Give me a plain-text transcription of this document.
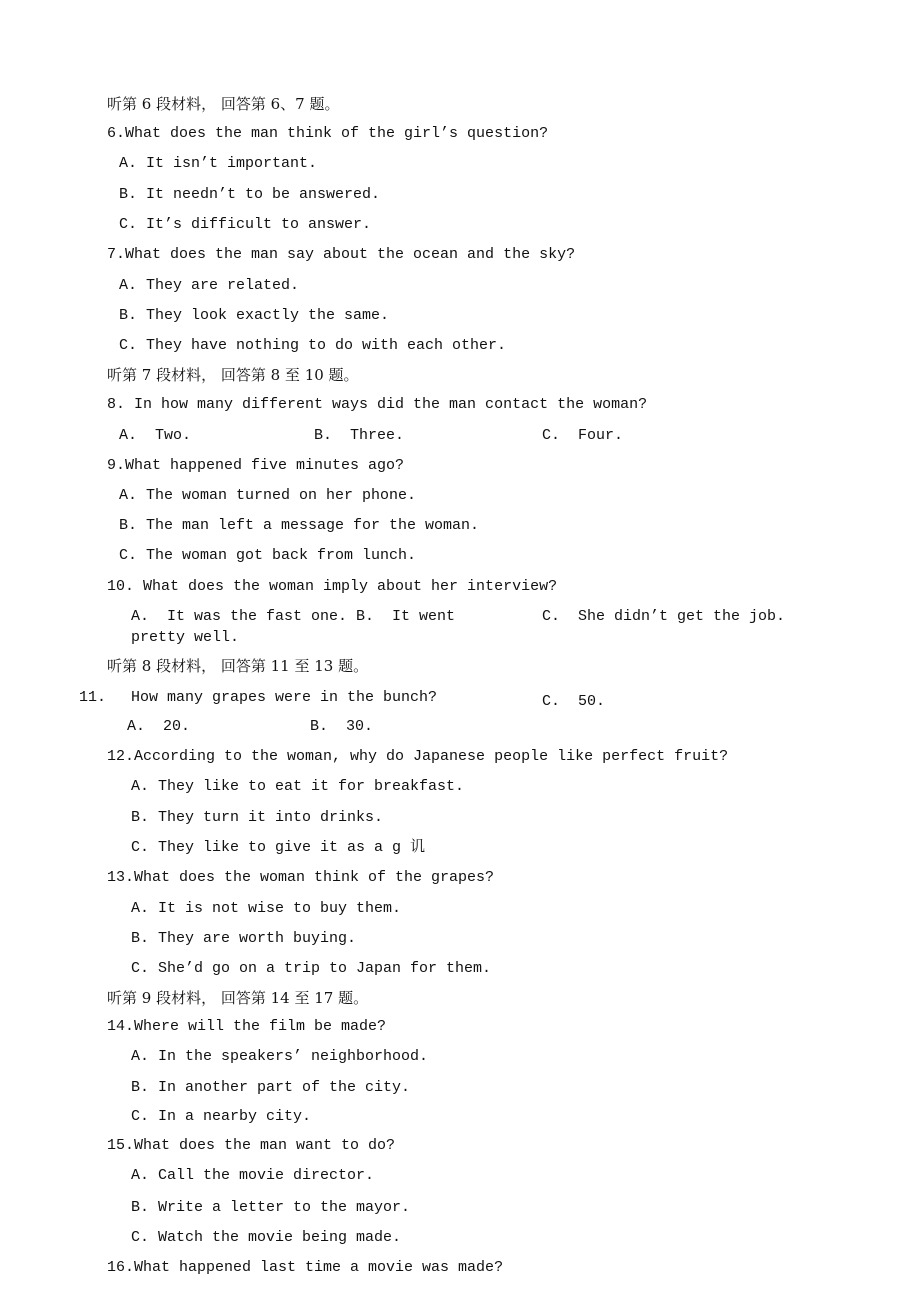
听第 6 段材料， 回答第 6、7 题。
6.What does the man think of the girl’s question?
A. It isn’t important.
B. It needn’t to be answered.
C. It’s difficult to answer.
7.What does the man say about the ocean and the sky?
A. They are related.
B. They look exactly the same.
C. They have nothing to do with each other.
听第 7 段材料， 回答第 8 至 10 题。
8. In how many different ways did the man contact the woman?
A.  Two.	B.  Three.	C.  Four.
9.What happened five minutes ago?
A. The woman turned on her phone.
B. The man left a message for the woman.
C. The woman got back from lunch.
10. What does the woman imply about her interview?
A.  It was the fast one. B.  It went
pretty well.
C.  She didn’t get the job.
听第 8 段材料， 回答第 11 至 13 题。
11. How many grapes were in the bunch?
A.  20.	B.  30.
C.  50.
12.According to the woman, why do Japanese people like perfect fruit?
A. They like to eat it for breakfast.
B. They turn it into drinks.
C. They like to give it as a g 讥
13.What does the woman think of the grapes?
A. It is not wise to buy them.
B. They are worth buying.
C. She’d go on a trip to Japan for them.
听第 9 段材料， 回答第 14 至 17 题。
14.Where will the film be made?
A. In the speakers’ neighborhood.
B. In another part of the city.
C. In a nearby city.
15.What does the man want to do?
A. Call the movie director.
B. Write a letter to the mayor.
C. Watch the movie being made.
16.What happened last time a movie was made?
